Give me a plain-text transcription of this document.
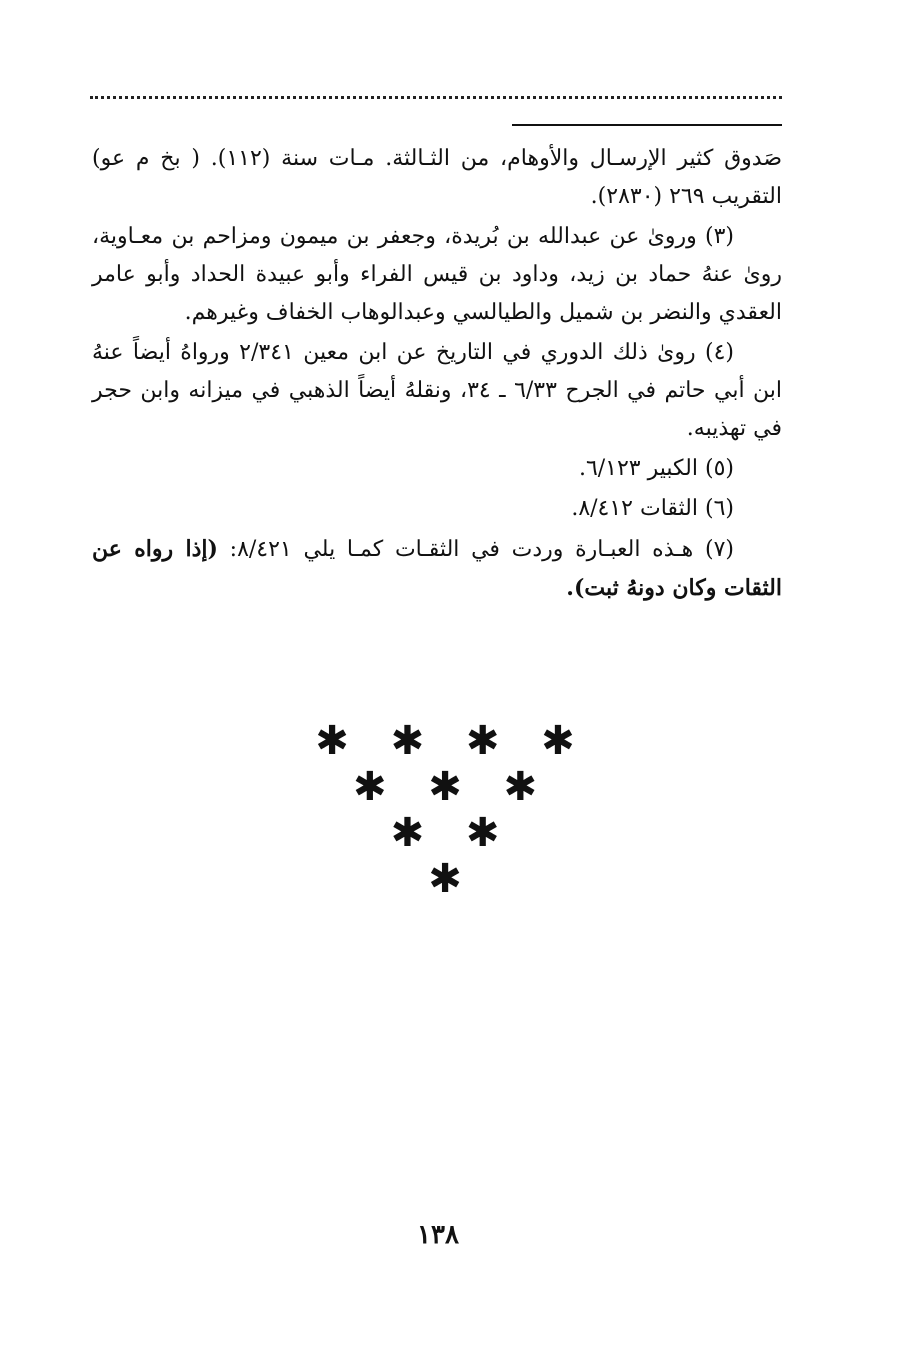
صَدوق كثير الإرسـال والأوهام، من الثـالثة. مـات سنة (١١٢). ( بخ م عو) التقريب ٢٦٩ (٢٨٣٠).

(٣) وروىٰ عن عبدالله بن بُريدة، وجعفر بن ميمون ومزاحم بن معـاوية، روىٰ عنهُ حماد بن زيد، وداود بن قيس الفراء وأبو عبيدة الحداد وأبو عامر العقدي والنضر بن شميل والطيالسي وعبدالوهاب الخفاف وغيرهم.

(٤) روىٰ ذلك الدوري في التاريخ عن ابن معين ٢/٣٤١ ورواهُ أيضاً عنهُ ابن أبي حاتم في الجرح ٦/٣٣ ـ ٣٤، ونقلهُ أيضاً الذهبي في ميزانه وابن حجر في تهذيبه.

(٥) الكبير ٦/١٢٣.

(٦) الثقات ٨/٤١٢.

(٧) هـذه العبـارة وردت في الثقـات كمـا يلي ٨/٤٢١: (إذا رواه عن الثقات وكان دونهُ ثبت).

✱   ✱   ✱   ✱
✱   ✱   ✱
✱   ✱
✱
١٣٨
